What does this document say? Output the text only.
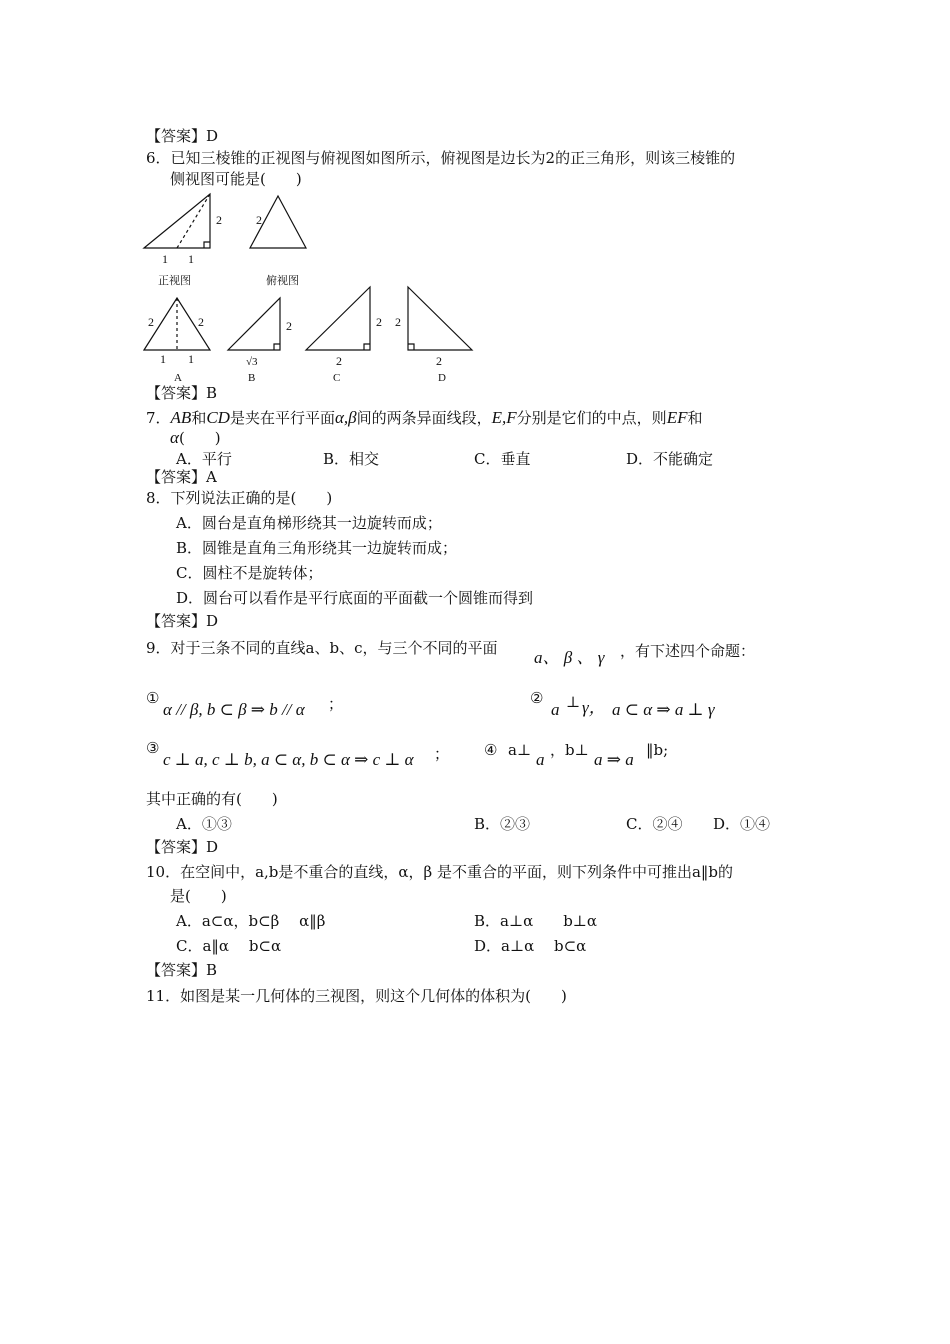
【答案】D
6．已知三棱锥的正视图与俯视图如图所示，俯视图是边长为2的正三角形，则该三棱锥的
侧视图可能是(　　)
2
1 1
2
正视图	俯视图
2	2
1 1
2
√3
2
2
2
2
A	B	C	D
【答案】B
7．AB和CD是夹在平行平面α,β间的两条异面线段，E,F分别是它们的中点，则EF和
α(　　)
A．平行	B．相交	C．垂直	D．不能确定
【答案】A
8．下列说法正确的是(　　)
A．圆台是直角梯形绕其一边旋转而成；
B．圆锥是直角三角形绕其一边旋转而成；
C．圆柱不是旋转体；
D．圆台可以看作是平行底面的平面截一个圆锥而得到
【答案】D
9．对于三条不同的直线a、b、c，与三个不同的平面 a、 β 、 γ ，有下述四个命题：
①
α // β, b ⊂ β ⇒ b // α ；	②
a ⊥ γ， a ⊂ α ⇒ a ⊥ γ
③
c ⊥ a, c ⊥ b, a ⊂ α, b ⊂ α ⇒ c ⊥ α ； ④ a⊥ a ，b⊥ a ⇒ a ‖b;
其中正确的有(　　)
A．①③	B．②③	C．②④ D．①④
【答案】D
10．在空间中，a,b是不重合的直线，α，β 是不重合的平面，则下列条件中可推出a‖b的
是(　　)
A．a⊂α，b⊂β　 α‖β	B．a⊥α　　b⊥α
C．a‖α　 b⊂α	D．a⊥α　 b⊂α
【答案】B
11．如图是某一几何体的三视图，则这个几何体的体积为(　　)
